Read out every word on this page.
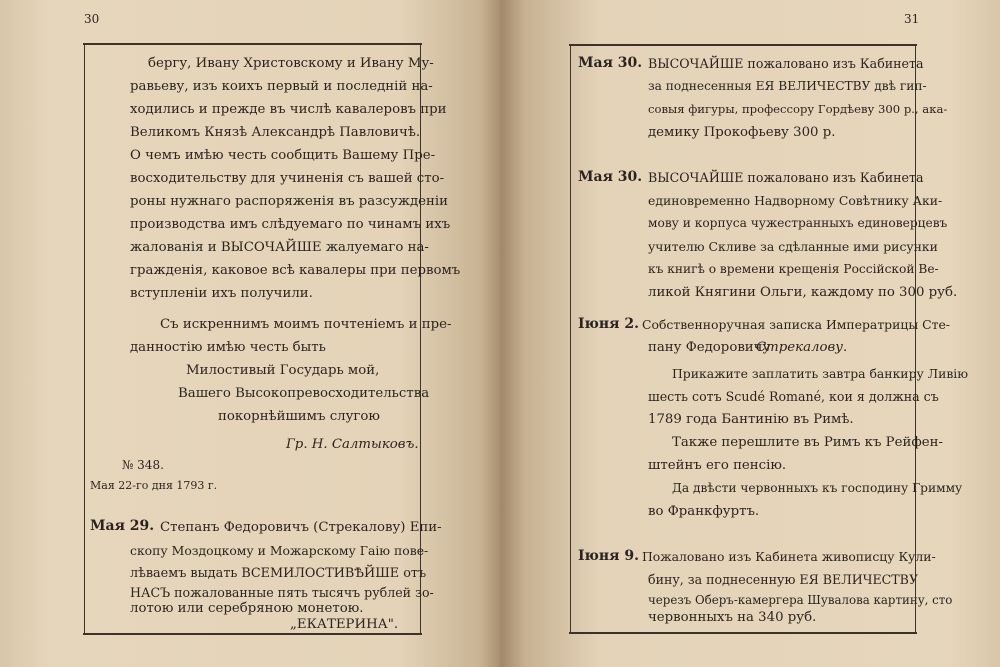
30
бергу, Ивану Христовскому и Ивану Му-
равьеву, изъ коихъ первый и последній на-
ходились и прежде въ числѣ кавалеровъ при
Великомъ Князѣ Александрѣ Павловичѣ.
О чемъ имѣю честь сообщить Вашему Пре-
восходительству для учиненія съ вашей сто-
роны нужнаго распоряженія въ разсужденіи
производства имъ слѣдуемаго по чинамъ ихъ
жалованія и ВЫСОЧАЙШЕ жалуемаго на-
гражденія, каковое всѣ кавалеры при первомъ
вступленіи ихъ получили.
Съ искреннимъ моимъ почтеніемъ и пре-
данностію имѣю честь быть
Милостивый Государь мой,
Вашего Высокопревосходительства
покорнѣйшимъ слугою
Гр. Н. Салтыковъ.
№ 348.
Мая 22-го дня 1793 г.
Мая 29. Степанъ Федоровичъ (Стрекалову) Епи-
скопу Моздоцкому и Можарскому Гаію повe-
лѣваемъ выдать ВСЕМИЛОСТИВѢЙШЕ отъ
НАСЪ пожалованные пять тысячъ рублей зо-
лотою или серебряною монетою.
„ЕКАТЕРИНА".
31
Мая 30. ВЫСОЧАЙШЕ пожаловано изъ Кабинета
за поднесенныя ЕЯ ВЕЛИЧЕСТВУ двѣ гип-
совыя фигуры, профессору Гордѣеву 300 р., ака-
демику Прокофьеву 300 р.
Мая 30. ВЫСОЧАЙШЕ пожаловано изъ Кабинета
единовременно Надворному Совѣтнику Аки-
мову и корпуса чужестранныхъ единоверцевъ
учителю Скливе за сдѣланные ими рисунки
къ книгѣ о времени крещенія Россійской Ве-
Іюня 2. Собственноручная записка Императрицы Сте-
пану Федоровичу
Стрекалову.
Прикажите заплатить завтра банкиру Ливію
шесть сотъ Scudé Romané, кои я должна съ
1789 года Бантинію въ Римѣ.
Также перешлите въ Римъ къ Рейфен-
штейнъ его пенсію.
Да двѣсти червонныхъ къ господину Гримму
во Франкфуртъ.
Іюня 9. Пожаловано изъ Кабинета живописцу Кули-
бину, за поднесенную ЕЯ ВЕЛИЧЕСТВУ
черезъ Оберъ-камергера Шувалова картину, сто
червонныхъ на 340 руб.
ликой Княгини Ольги, каждому по 300 руб.
